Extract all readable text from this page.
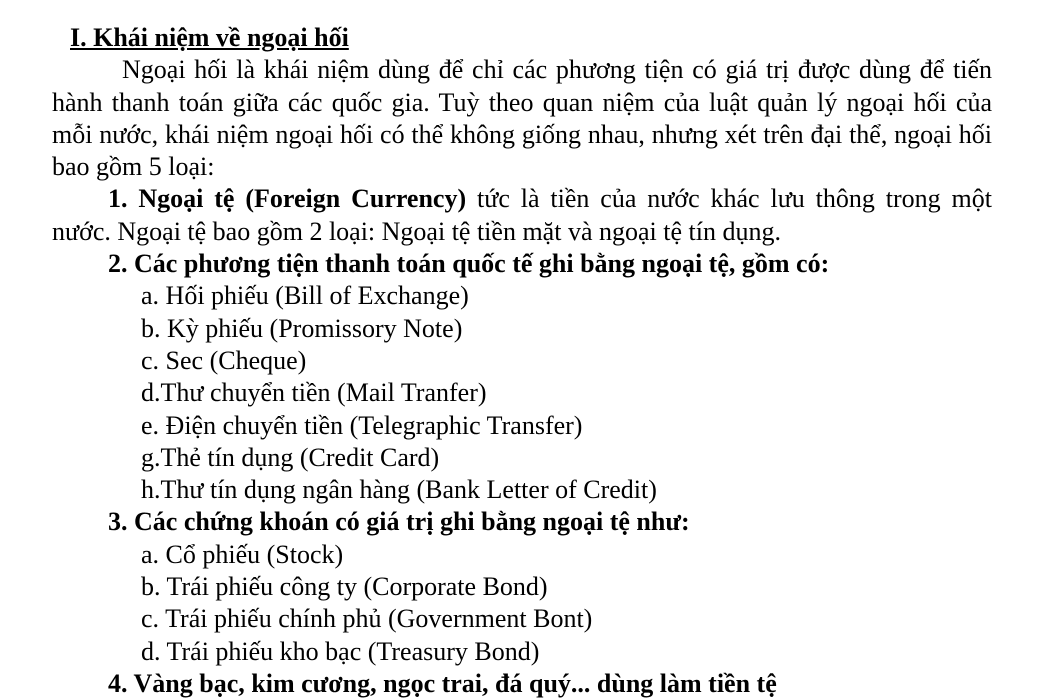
I. Khái niệm về ngoại hối

Ngoại hối là khái niệm dùng để chỉ các phương tiện có giá trị được dùng để tiến hành thanh toán giữa các quốc gia. Tuỳ theo quan niệm của luật quản lý ngoại hối của mỗi nước, khái niệm ngoại hối có thể không giống nhau, nhưng xét trên đại thể, ngoại hối bao gồm 5 loại:

1. Ngoại tệ (Foreign Currency) tức là tiền của nước khác lưu thông trong một nước. Ngoại tệ bao gồm 2 loại: Ngoại tệ tiền mặt và ngoại tệ tín dụng.

2. Các phương tiện thanh toán quốc tế ghi bằng ngoại tệ, gồm có:

a. Hối phiếu (Bill of Exchange)

b. Kỳ phiếu (Promissory Note)

c. Sec (Cheque)

d.Thư chuyển tiền (Mail Tranfer)

e. Điện chuyển tiền (Telegraphic Transfer)

g.Thẻ tín dụng (Credit Card)

h.Thư tín dụng ngân hàng (Bank Letter of Credit)

3. Các chứng khoán có giá trị ghi bằng ngoại tệ như:

a. Cổ phiếu (Stock)

b. Trái phiếu công ty (Corporate Bond)

c. Trái phiếu chính phủ (Government Bont)

d. Trái phiếu kho bạc (Treasury Bond)

4. Vàng bạc, kim cương, ngọc trai, đá quý... dùng làm tiền tệ
